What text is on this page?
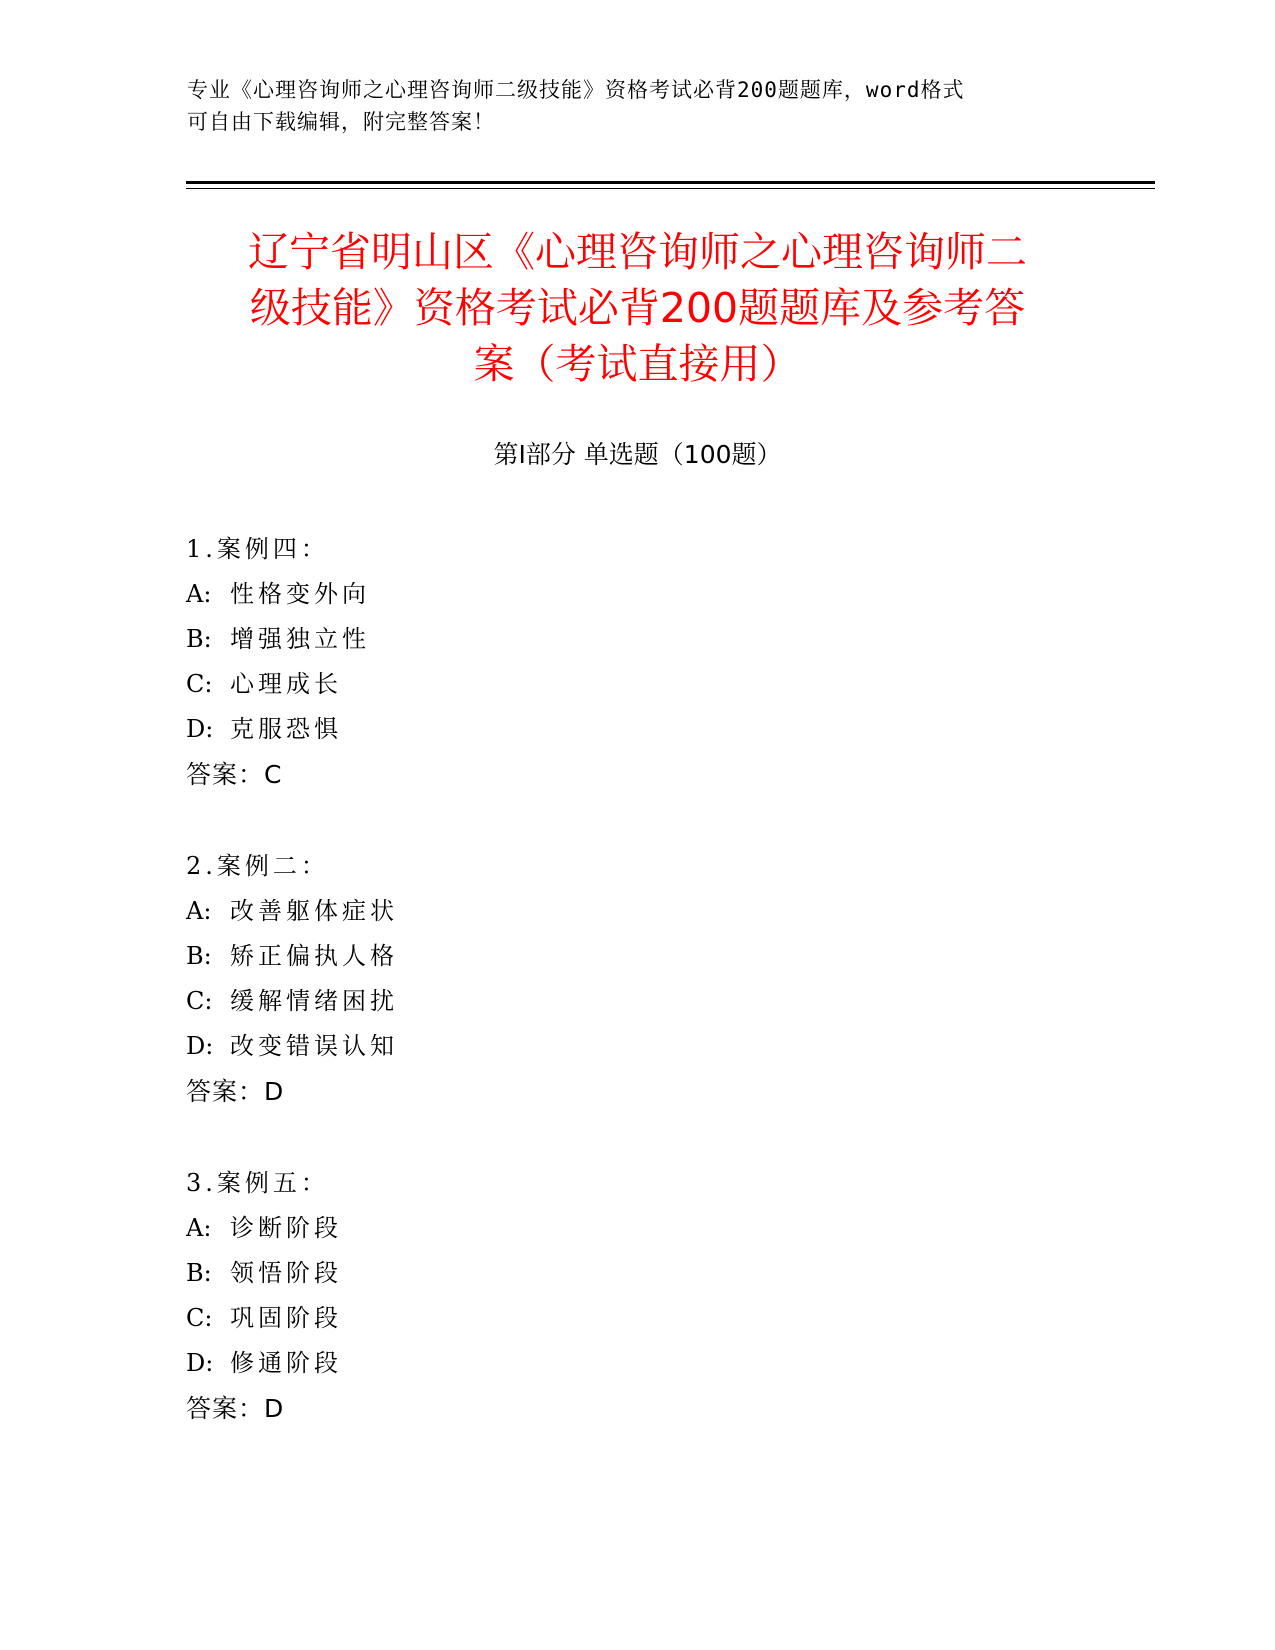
专业《心理咨询师之心理咨询师二级技能》资格考试必背200题题库，word格式
可自由下载编辑，附完整答案！
辽宁省明山区《心理咨询师之心理咨询师二
级技能》资格考试必背200题题库及参考答
案（考试直接用）
第Ⅰ部分 单选题（100题）
1.案例四：
A: 性格变外向
B: 增强独立性
C: 心理成长
D: 克服恐惧
答案：C
2.案例二：
A: 改善躯体症状
B: 矫正偏执人格
C: 缓解情绪困扰
D: 改变错误认知
答案：D
3.案例五：
A: 诊断阶段
B: 领悟阶段
C: 巩固阶段
D: 修通阶段
答案：D
